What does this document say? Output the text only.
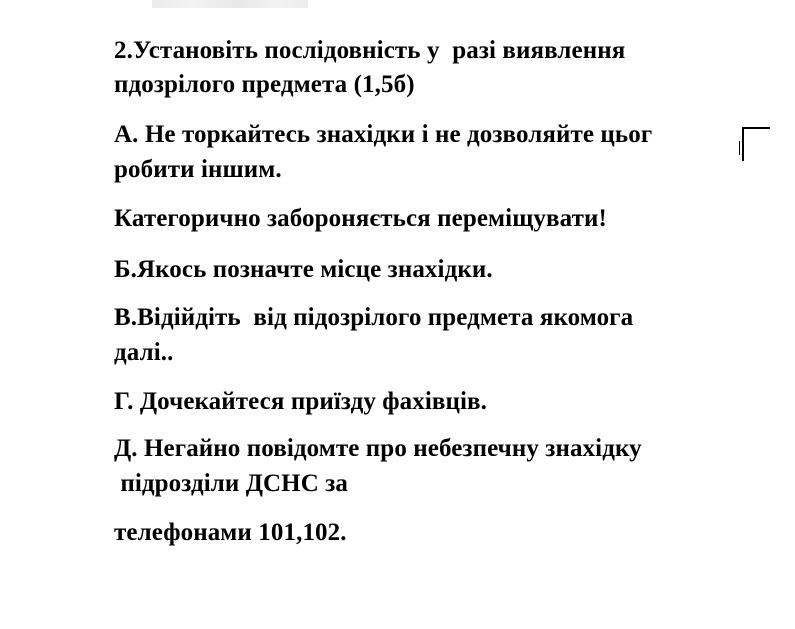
2.Установіть послідовність у  разі виявлення
пдозрілого предмета (1,5б)
А. Не торкайтесь знахідки і не дозволяйте цьог
робити іншим.
Категорично забороняється переміщувати!
Б.Якось позначте місце знахідки.
В.Відійдіть  від підозрілого предмета якомога
далі..
Г. Дочекайтеся приїзду фахівців.
Д. Негайно повідомте про небезпечну знахідку
підрозділи ДСНС за
телефонами 101,102.
